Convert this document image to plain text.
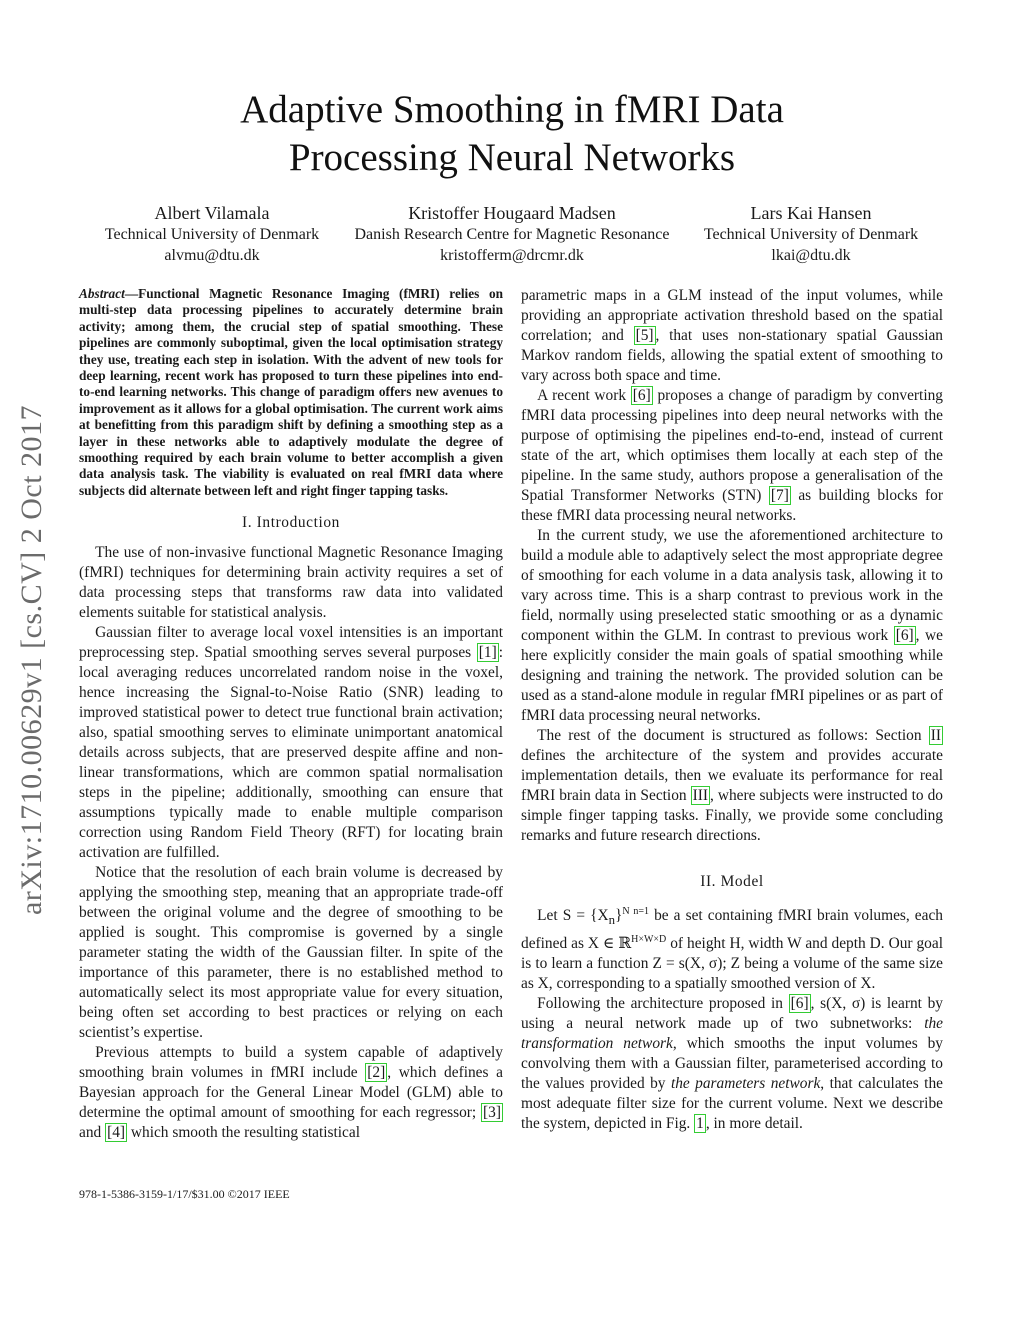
arXiv:1710.00629v1 [cs.CV] 2 Oct 2017
Adaptive Smoothing in fMRI Data
Processing Neural Networks
Albert Vilamala
Technical University of Denmark
alvmu@dtu.dk
Kristoffer Hougaard Madsen
Danish Research Centre for Magnetic Resonance
kristofferm@drcmr.dk
Lars Kai Hansen
Technical University of Denmark
lkai@dtu.dk
Abstract—Functional Magnetic Resonance Imaging (fMRI) relies on multi-step data processing pipelines to accurately determine brain activity; among them, the crucial step of spatial smoothing. These pipelines are commonly suboptimal, given the local optimisation strategy they use, treating each step in isolation. With the advent of new tools for deep learning, recent work has proposed to turn these pipelines into end-to-end learning networks. This change of paradigm offers new avenues to improvement as it allows for a global optimisation. The current work aims at benefitting from this paradigm shift by defining a smoothing step as a layer in these networks able to adaptively modulate the degree of smoothing required by each brain volume to better accomplish a given data analysis task. The viability is evaluated on real fMRI data where subjects did alternate between left and right finger tapping tasks.
I. Introduction

The use of non-invasive functional Magnetic Resonance Imaging (fMRI) techniques for determining brain activity requires a set of data processing steps that transforms raw data into validated elements suitable for statistical analysis.

Gaussian filter to average local voxel intensities is an important preprocessing step. Spatial smoothing serves several purposes [1] : local averaging reduces uncorrelated random noise in the voxel, hence increasing the Signal-to-Noise Ratio (SNR) leading to improved statistical power to detect true functional brain activation; also, spatial smoothing serves to eliminate unimportant anatomical details across subjects, that are preserved despite affine and non-linear transformations, which are common spatial normalisation steps in the pipeline; additionally, smoothing can ensure that assumptions typically made to enable multiple comparison correction using Random Field Theory (RFT) for locating brain activation are fulfilled.

Notice that the resolution of each brain volume is decreased by applying the smoothing step, meaning that an appropriate trade-off between the original volume and the degree of smoothing to be applied is sought. This compromise is governed by a single parameter stating the width of the Gaussian filter. In spite of the importance of this parameter, there is no established method to automatically select its most appropriate value for every situation, being often set according to best practices or relying on each scientist’s expertise.

Previous attempts to build a system capable of adaptively smoothing brain volumes in fMRI include [2] , which defines a Bayesian approach for the General Linear Model (GLM) able to determine the optimal amount of smoothing for each regressor; [3] and [4] which smooth the resulting statistical

parametric maps in a GLM instead of the input volumes, while providing an appropriate activation threshold based on the spatial correlation; and [5] , that uses non-stationary spatial Gaussian Markov random fields, allowing the spatial extent of smoothing to vary across both space and time.

A recent work [6] proposes a change of paradigm by converting fMRI data processing pipelines into deep neural networks with the purpose of optimising the pipelines end-to-end, instead of current state of the art, which optimises them locally at each step of the pipeline. In the same study, authors propose a generalisation of the Spatial Transformer Networks (STN) [7] as building blocks for these fMRI data processing neural networks.

In the current study, we use the aforementioned architecture to build a module able to adaptively select the most appropriate degree of smoothing for each volume in a data analysis task, allowing it to vary across time. This is a sharp contrast to previous work in the field, normally using preselected static smoothing or as a dynamic component within the GLM. In contrast to previous work [6] , we here explicitly consider the main goals of spatial smoothing while designing and training the network. The provided solution can be used as a stand-alone module in regular fMRI pipelines or as part of fMRI data processing neural networks.

The rest of the document is structured as follows: Section II defines the architecture of the system and provides accurate implementation details, then we evaluate its performance for real fMRI brain data in Section III , where subjects were instructed to do simple finger tapping tasks. Finally, we provide some concluding remarks and future research directions.

II. Model

Let $S = \{X_n\}^{N n=1}$ be a set containing fMRI brain volumes, each defined as X ∈ ℝ$^{H\times W\times D}$ of height H, width W and depth D. Our goal is to learn a function Z = s(X, σ); Z being a volume of the same size as X, corresponding to a spatially smoothed version of X.

Following the architecture proposed in [6] , s(X, σ) is learnt by using a neural network made up of two subnetworks: the transformation network, which smooths the input volumes by convolving them with a Gaussian filter, parameterised according to the values provided by the parameters network, that calculates the most adequate filter size for the current volume. Next we describe the system, depicted in Fig. 1 , in more detail.

978-1-5386-3159-1/17/$31.00 ©2017 IEEE
